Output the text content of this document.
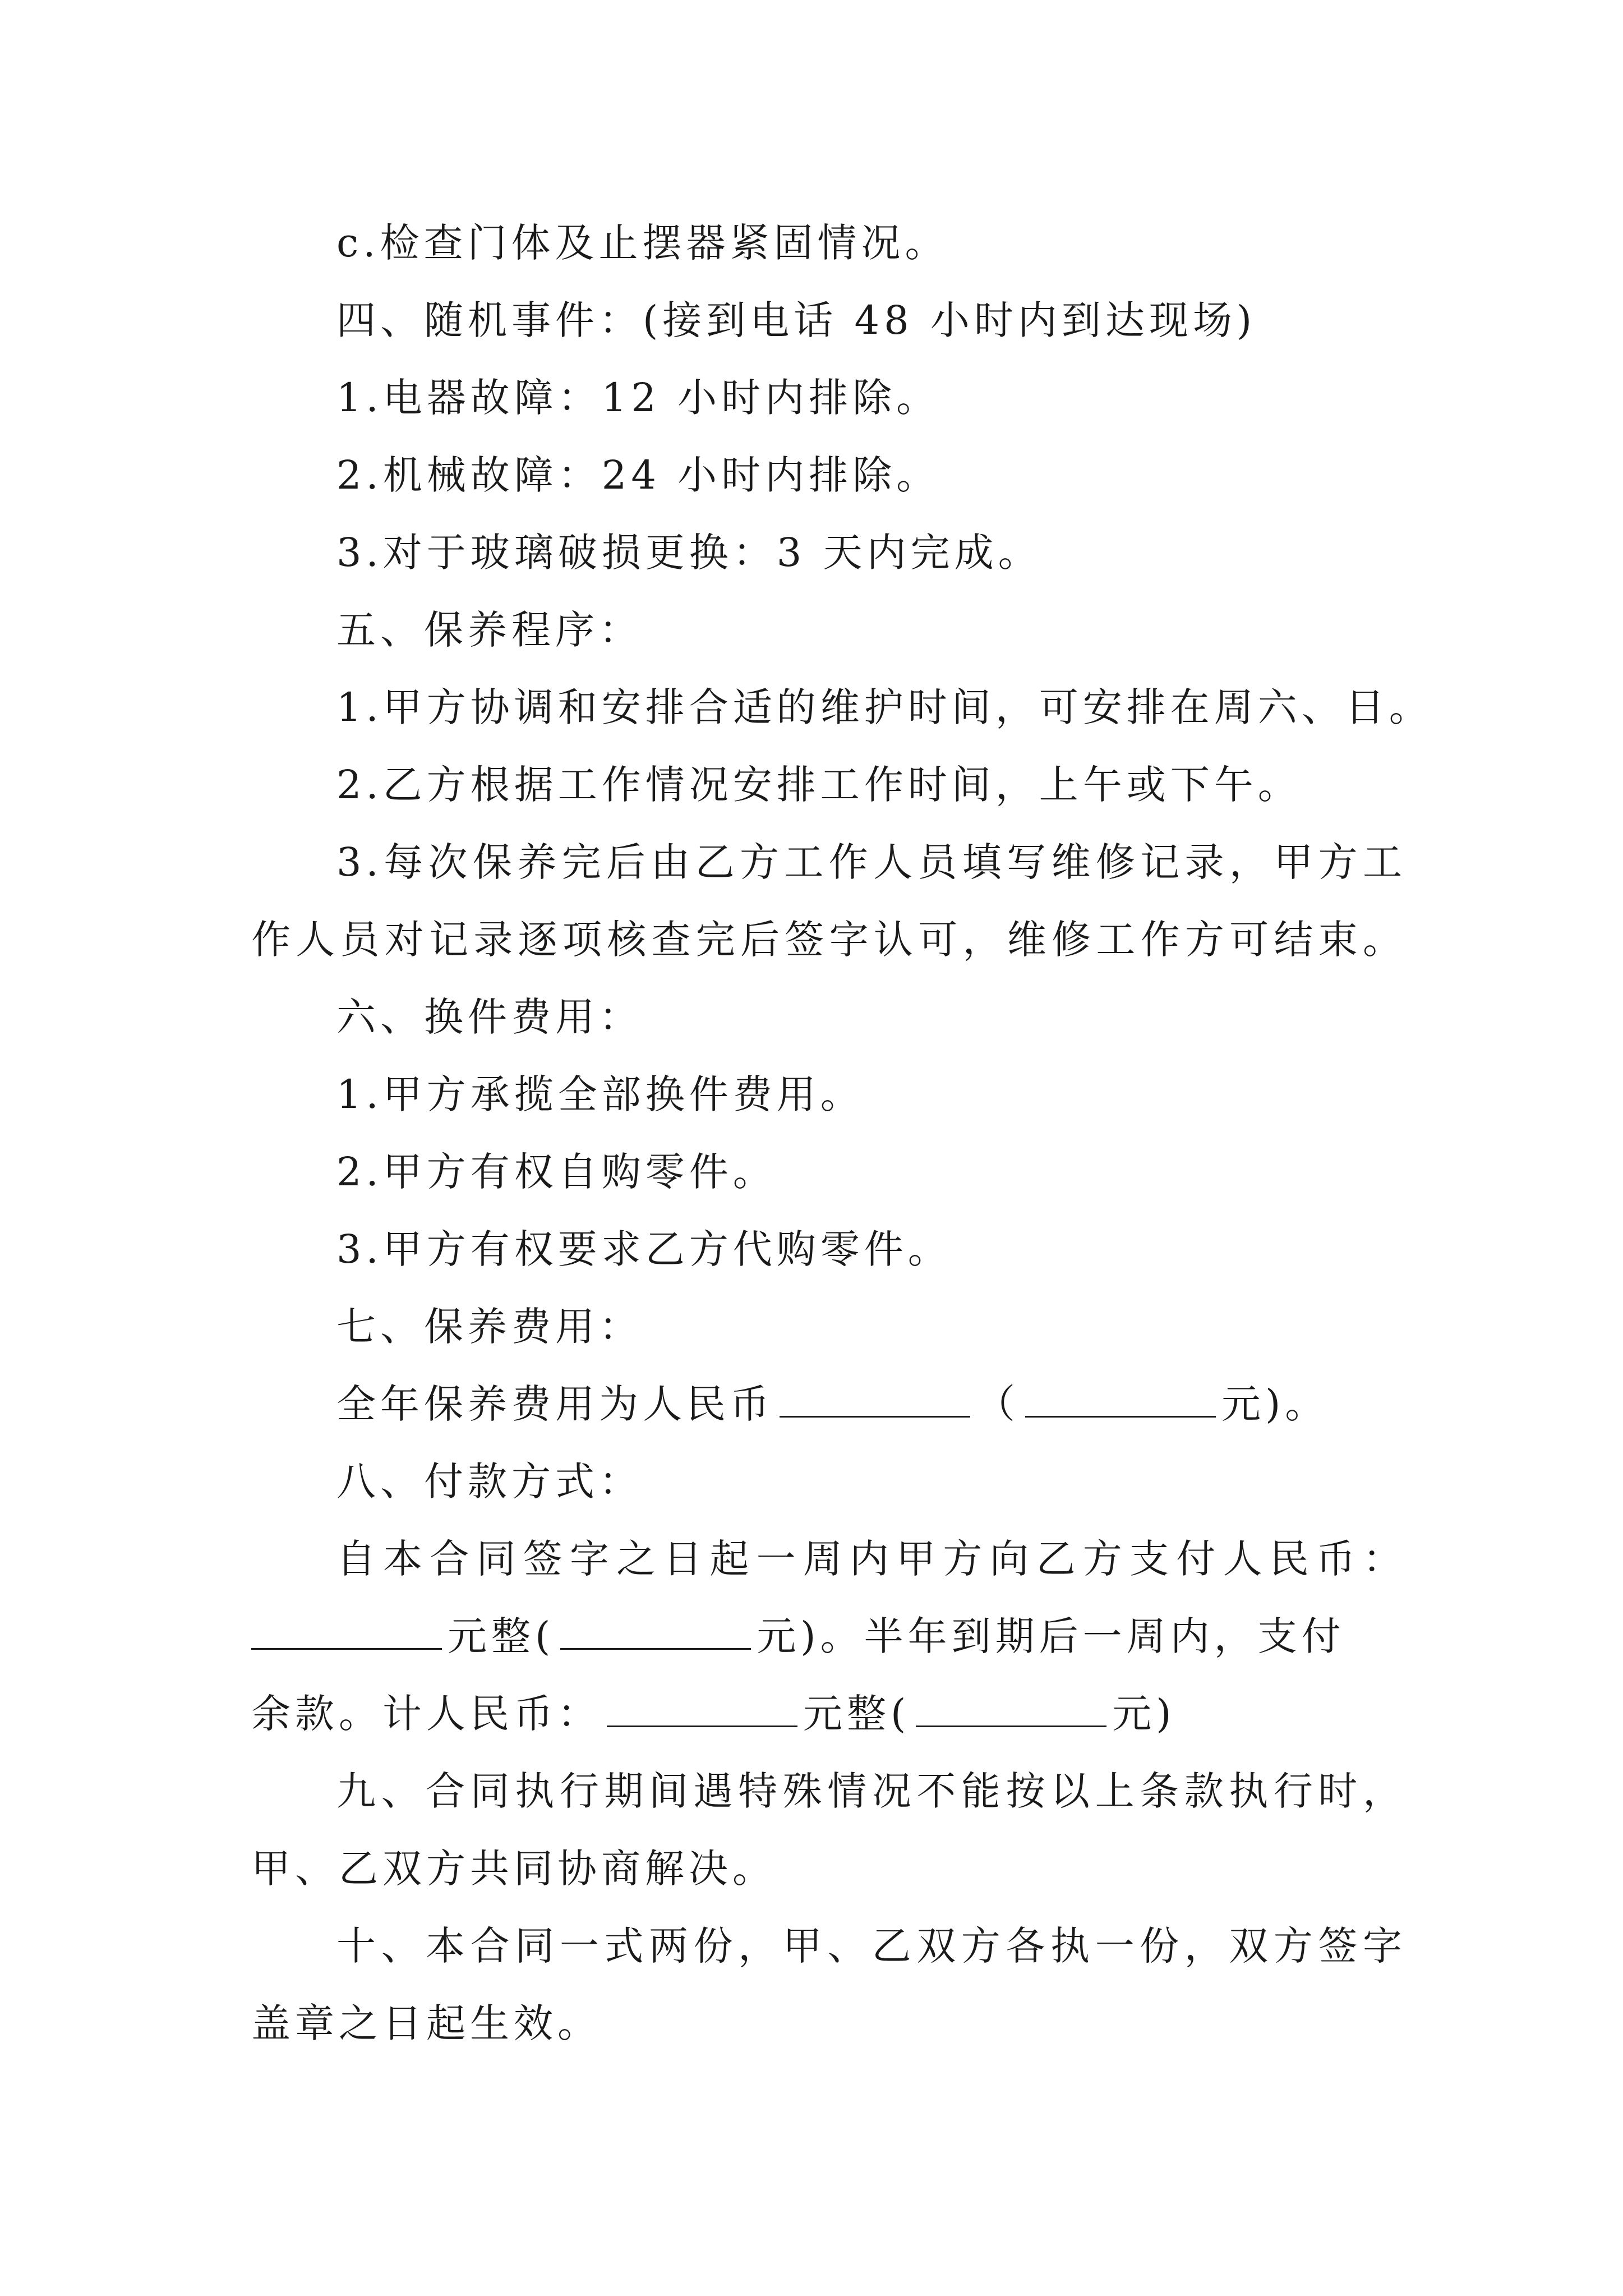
c.检查门体及止摆器紧固情况。
四、随机事件：(接到电话 48 小时内到达现场)
1.电器故障：12 小时内排除。
2.机械故障：24 小时内排除。
3.对于玻璃破损更换：3 天内完成。
五、保养程序：
1.甲方协调和安排合适的维护时间，可安排在周六、日。
2.乙方根据工作情况安排工作时间，上午或下午。
3.每次保养完后由乙方工作人员填写维修记录，甲方工
作人员对记录逐项核查完后签字认可，维修工作方可结束。
六、换件费用：
1.甲方承揽全部换件费用。
2.甲方有权自购零件。
3.甲方有权要求乙方代购零件。
七、保养费用：
全年保养费用为人民币	（	元)。
八、付款方式：
自本合同签字之日起一周内甲方向乙方支付人民币：
元整(	元)。半年到期后一周内，支付
余款。计人民币：	元整(	元)
九、合同执行期间遇特殊情况不能按以上条款执行时，
甲、乙双方共同协商解决。
十、本合同一式两份，甲、乙双方各执一份，双方签字
盖章之日起生效。
